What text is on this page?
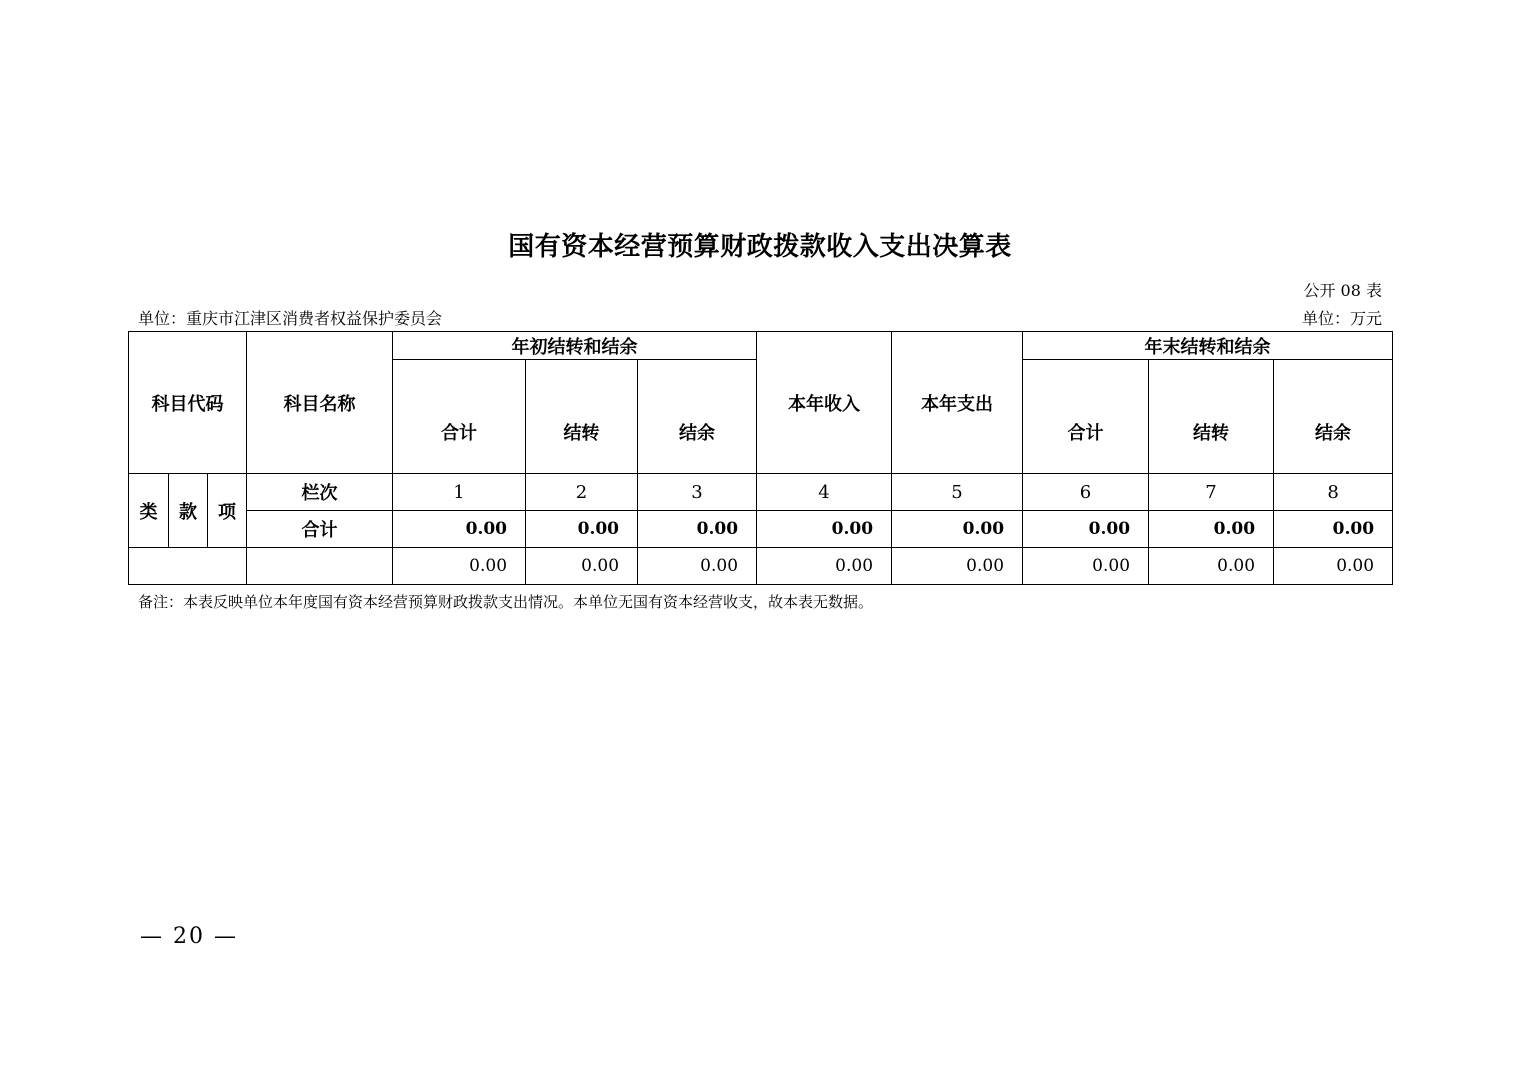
国有资本经营预算财政拨款收入支出决算表
公开 08 表
单位：重庆市江津区消费者权益保护委员会	单位：万元
科目代码			科目名称	年初结转和结余			本年收入	本年支出	年末结转和结余		
				合计	结转	结余			合计	结转	结余
类	款	项	栏次	1	2	3	4	5	6	7	8
			合计	0.00	0.00	0.00	0.00	0.00	0.00	0.00	0.00
				0.00	0.00	0.00	0.00	0.00	0.00	0.00	0.00
备注：本表反映单位本年度国有资本经营预算财政拨款支出情况。本单位无国有资本经营收支，故本表无数据。
— 20 —
